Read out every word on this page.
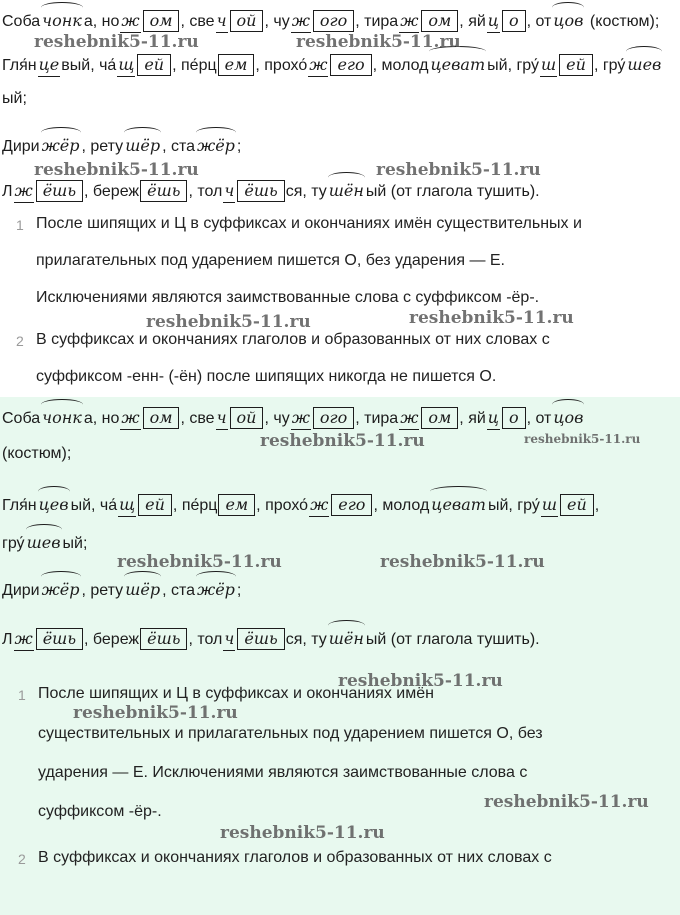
Соба чонк а, но ж ом , све ч ой , чу ж ого , тира ж ом , яй ц о , от цов
(костюм);
Гля́н це вый, ча́ щ ей , пе́рц ем , прохо́ ж его , молод цеват ый, гру́ ш ей , гру́ шев
ый;
Дири жёр , рету шёр , ста жёр ;
Л ж ёшь , береж ёшь , тол ч ёшь ся, ту шён ый (от глагола тушить).
1 После шипящих и Ц в суффиксах и окончаниях имён существительных и
прилагательных под ударением пишется О, без ударения — Е.
Исключениями являются заимствованные слова с суффиксом -ёр-.
2 В суффиксах и окончаниях глаголов и образованных от них словах с
суффиксом -енн- (-ён) после шипящих никогда не пишется О.
reshebnik5-11.ru	reshebnik5-11.ru
reshebnik5-11.ru	reshebnik5-11.ru
reshebnik5-11.ru	reshebnik5-11.ru
Соба чонк а, но ж ом , све ч ой , чу ж ого , тира ж ом , яй ц о , от цов
(костюм);
Гля́н цев ый, ча́ щ ей , пе́рц ем , прохо́ ж его , молод цеват ый, гру́ ш ей ,
гру́ шев ый;
Дири жёр , рету шёр , ста жёр ;
Л ж ёшь , береж ёшь , тол ч ёшь ся, ту шён ый (от глагола тушить).
1 После шипящих и Ц в суффиксах и окончаниях имён
существительных и прилагательных под ударением пишется О, без
ударения — Е. Исключениями являются заимствованные слова с
суффиксом -ёр-.
2 В суффиксах и окончаниях глаголов и образованных от них словах с
reshebnik5-11.ru	reshebnik5-11.ru
reshebnik5-11.ru	reshebnik5-11.ru
reshebnik5-11.ru
reshebnik5-11.ru
reshebnik5-11.ru
reshebnik5-11.ru
